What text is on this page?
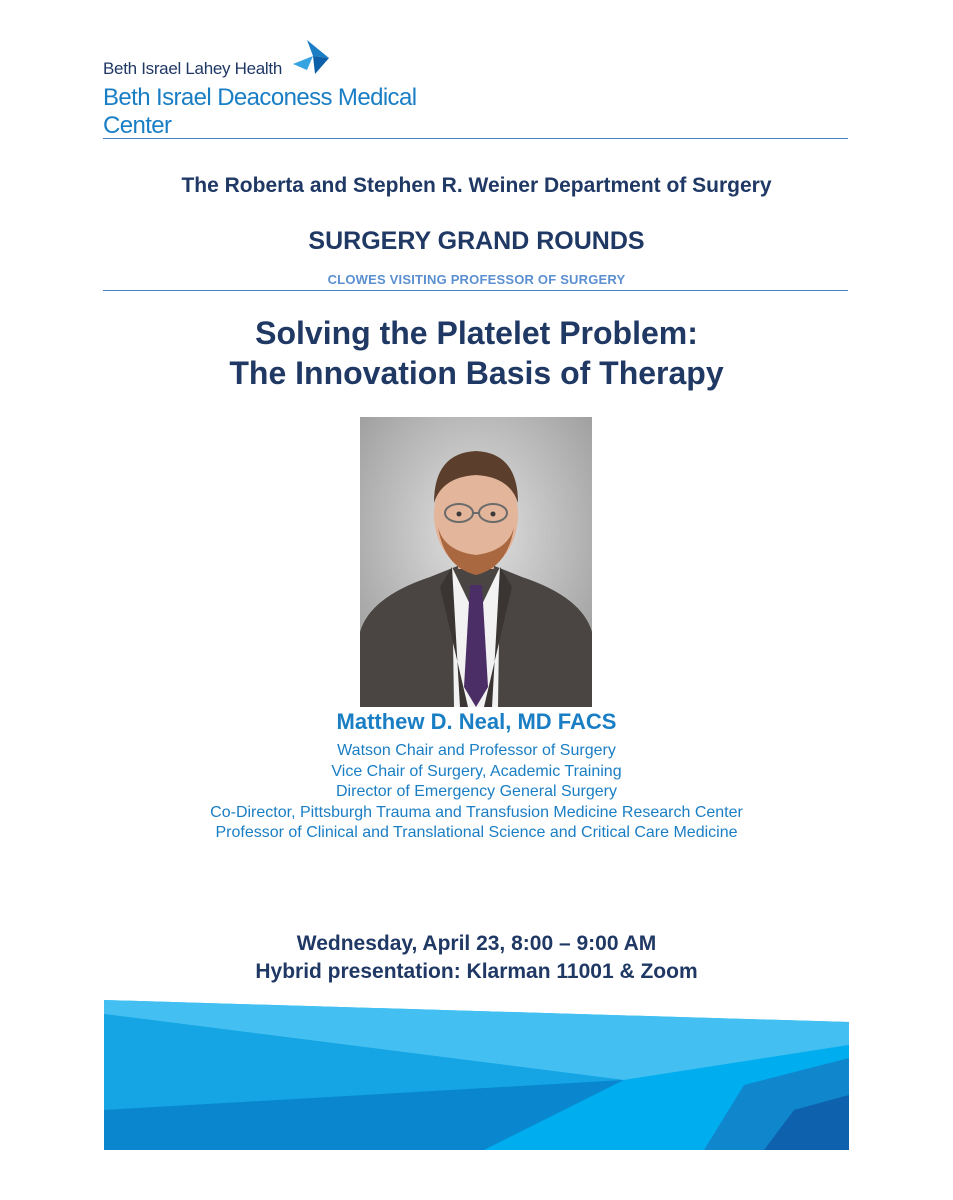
Beth Israel Lahey Health
Beth Israel Deaconess Medical Center
The Roberta and Stephen R. Weiner Department of Surgery
SURGERY GRAND ROUNDS
CLOWES VISITING PROFESSOR OF SURGERY
Solving the Platelet Problem:
The Innovation Basis of Therapy
Matthew D. Neal, MD FACS
Watson Chair and Professor of Surgery
Vice Chair of Surgery, Academic Training
Director of Emergency General Surgery
Co-Director, Pittsburgh Trauma and Transfusion Medicine Research Center
Professor of Clinical and Translational Science and Critical Care Medicine
Wednesday, April 23, 8:00 – 9:00 AM
Hybrid presentation: Klarman 11001 & Zoom
